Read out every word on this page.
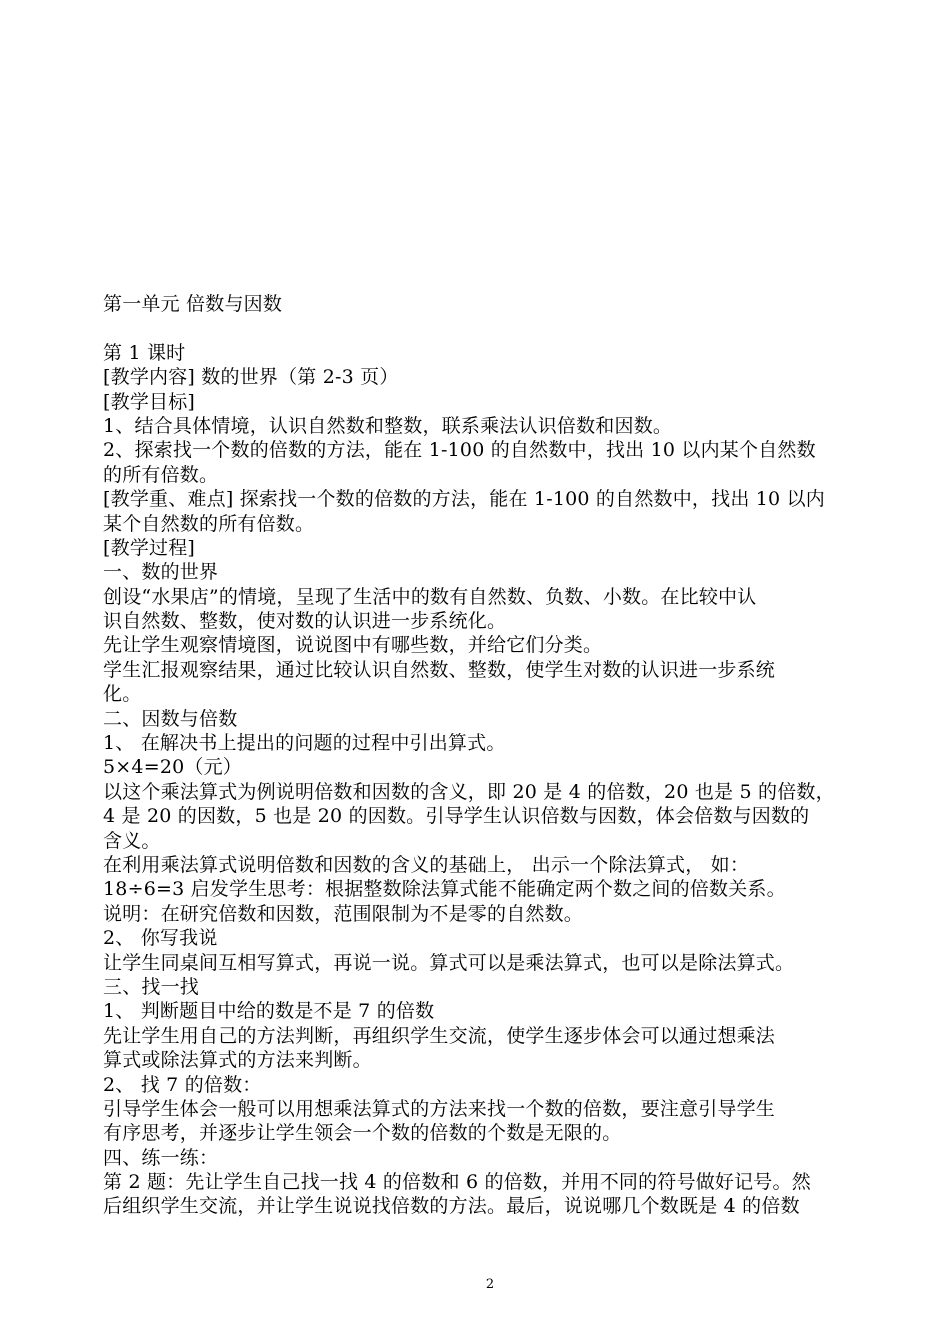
第一单元 倍数与因数
第 1 课时
[教学内容] 数的世界（第 2-3 页）
[教学目标]
1、结合具体情境，认识自然数和整数，联系乘法认识倍数和因数。
2、探索找一个数的倍数的方法，能在 1-100 的自然数中，找出 10 以内某个自然数
的所有倍数。
[教学重、难点] 探索找一个数的倍数的方法，能在 1-100 的自然数中，找出 10 以内
某个自然数的所有倍数。
[教学过程]
一、数的世界
创设“水果店”的情境，呈现了生活中的数有自然数、负数、小数。在比较中认
识自然数、整数，使对数的认识进一步系统化。
先让学生观察情境图，说说图中有哪些数，并给它们分类。
学生汇报观察结果，通过比较认识自然数、整数，使学生对数的认识进一步系统
化。
二、因数与倍数
1、 在解决书上提出的问题的过程中引出算式。
5×4=20（元）
以这个乘法算式为例说明倍数和因数的含义，即 20 是 4 的倍数，20 也是 5 的倍数，
4 是 20 的因数，5 也是 20 的因数。引导学生认识倍数与因数，体会倍数与因数的
含义。
在利用乘法算式说明倍数和因数的含义的基础上， 出示一个除法算式， 如：
18÷6=3 启发学生思考：根据整数除法算式能不能确定两个数之间的倍数关系。
说明：在研究倍数和因数，范围限制为不是零的自然数。
2、 你写我说
让学生同桌间互相写算式，再说一说。算式可以是乘法算式，也可以是除法算式。
三、找一找
1、 判断题目中给的数是不是 7 的倍数
先让学生用自己的方法判断，再组织学生交流，使学生逐步体会可以通过想乘法
算式或除法算式的方法来判断。
2、 找 7 的倍数：
引导学生体会一般可以用想乘法算式的方法来找一个数的倍数，要注意引导学生
有序思考，并逐步让学生领会一个数的倍数的个数是无限的。
四、练一练：
第 2 题：先让学生自己找一找 4 的倍数和 6 的倍数，并用不同的符号做好记号。然
后组织学生交流，并让学生说说找倍数的方法。最后，说说哪几个数既是 4 的倍数
2
